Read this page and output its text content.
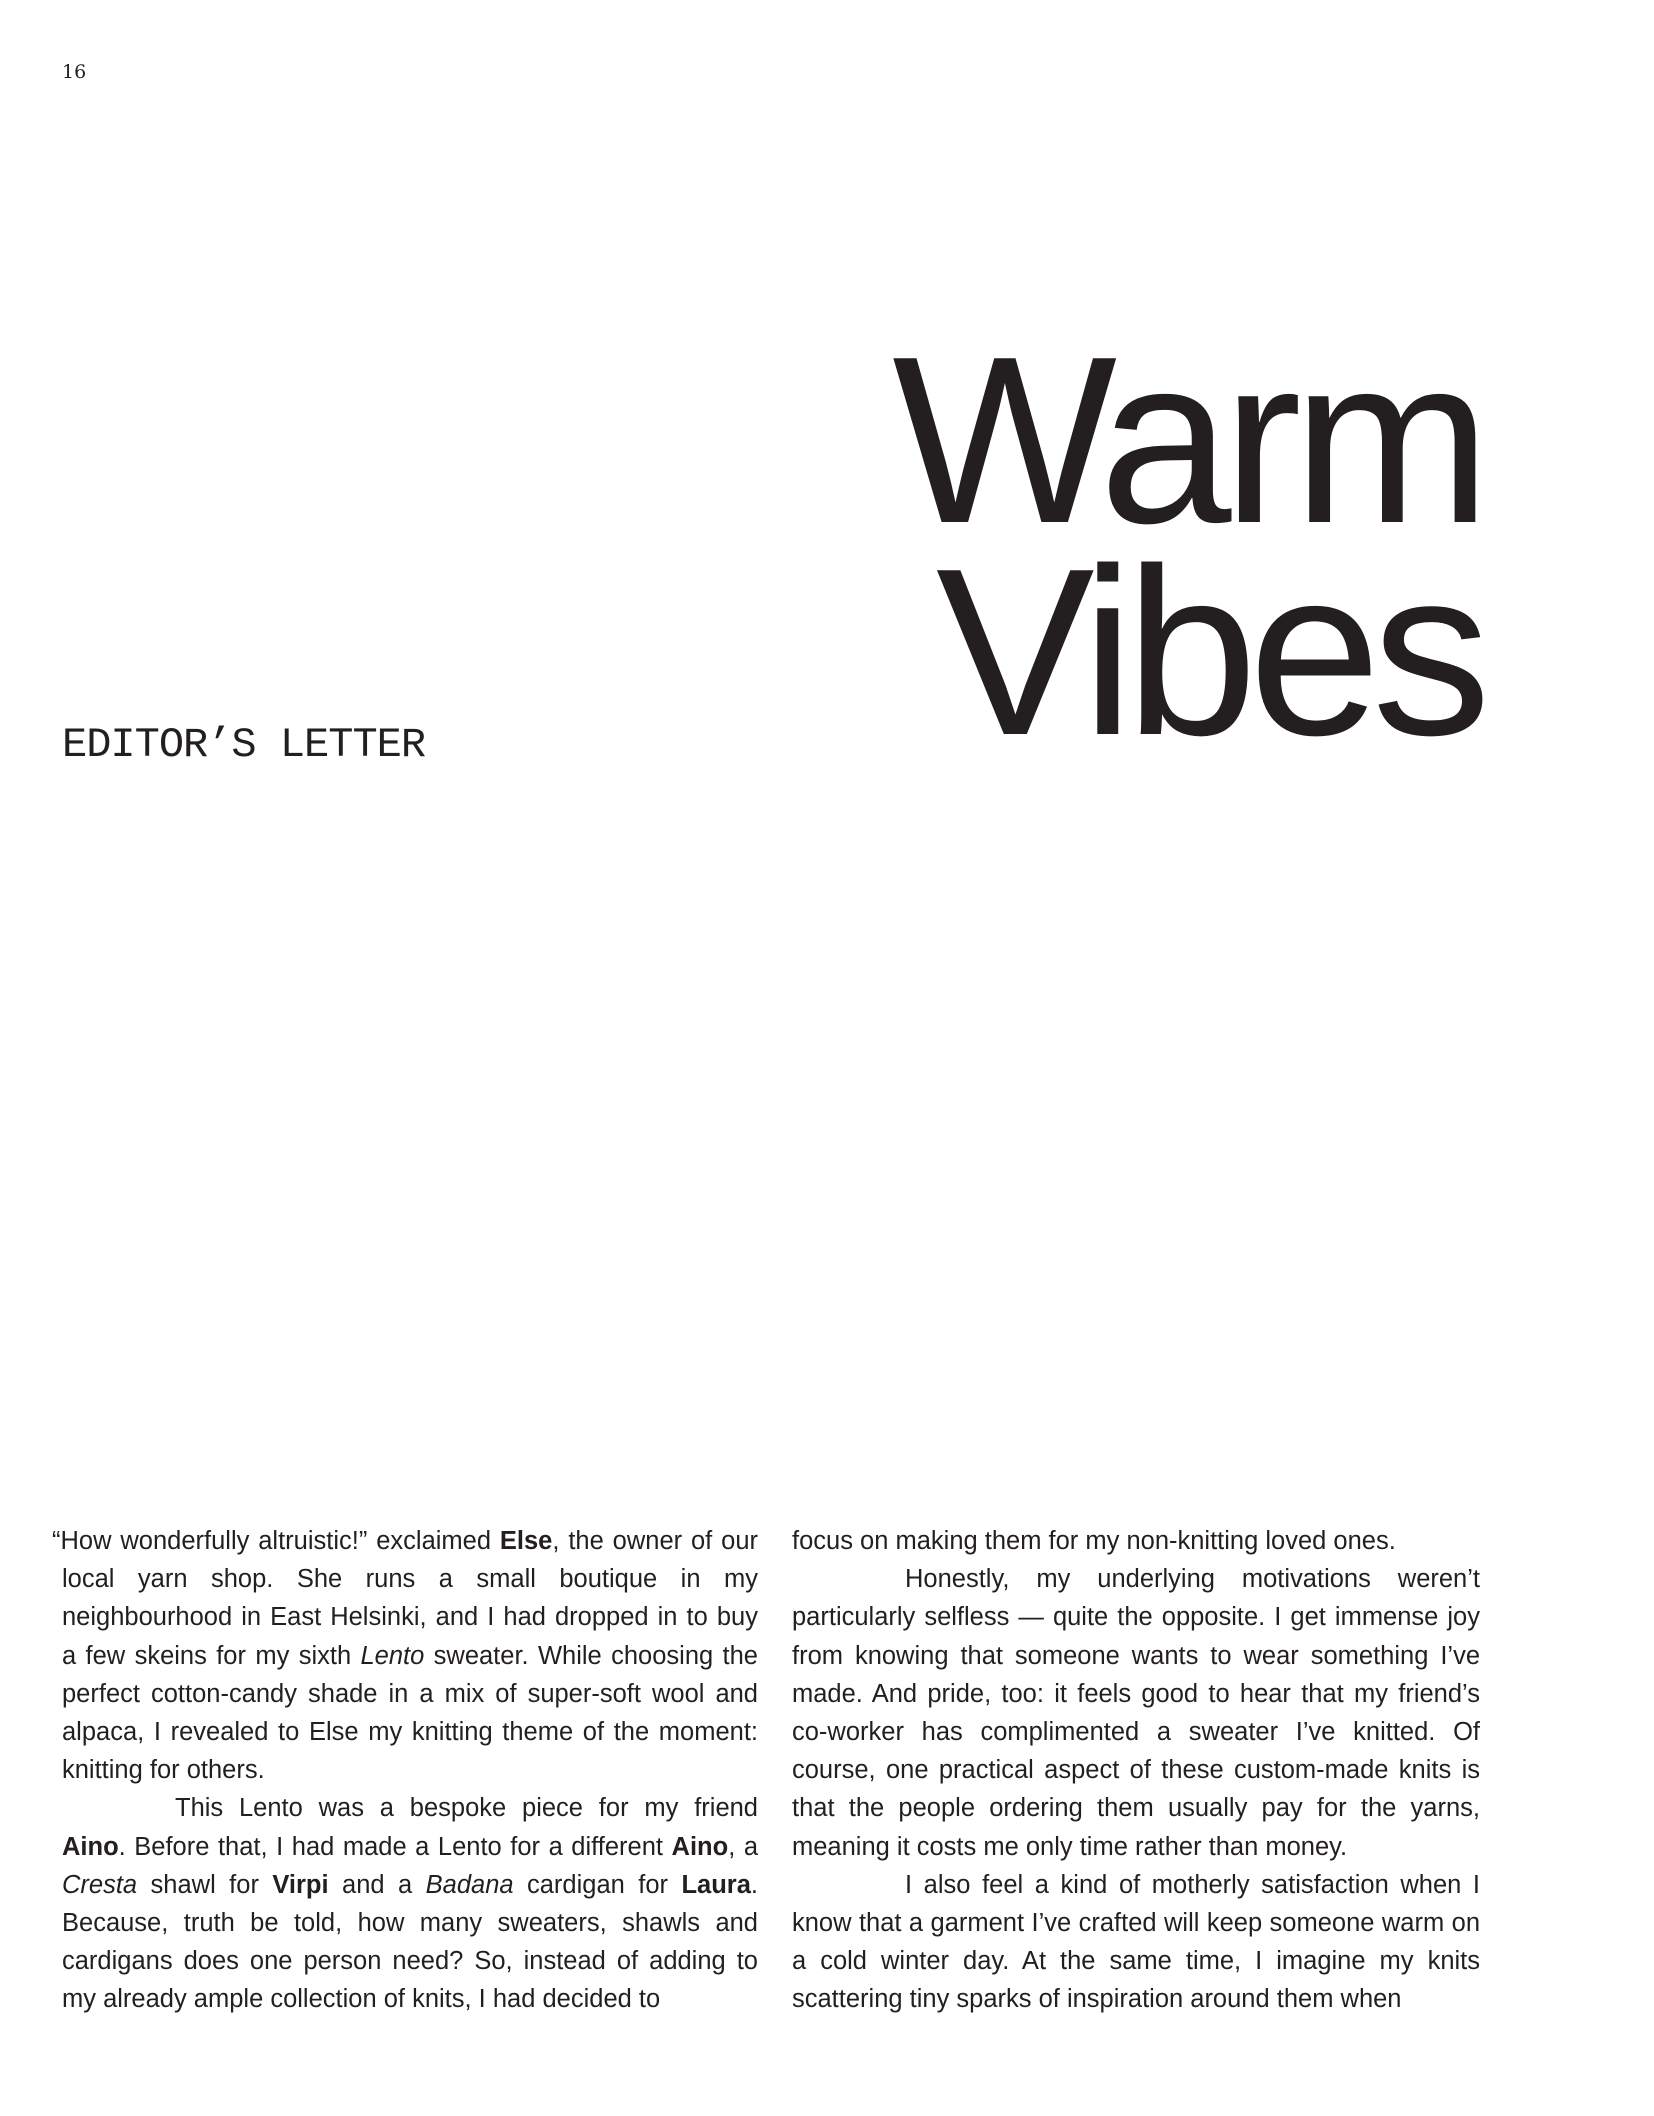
16
EDITOR’S LETTER
Warm
Vibes

“How wonderfully altruistic!” exclaimed Else, the owner of our local yarn shop. She runs a small boutique in my neighbourhood in East Helsinki, and I had dropped in to buy a few skeins for my sixth Lento sweater. While choosing the perfect cotton-candy shade in a mix of super-soft wool and alpaca, I revealed to Else my knitting theme of the moment: knitting for others.

This Lento was a bespoke piece for my friend Aino. Before that, I had made a Lento for a different Aino, a Cresta shawl for Virpi and a Badana cardigan for Laura. Because, truth be told, how many sweaters, shawls and cardigans does one person need? So, instead of adding to my already ample collection of knits, I had decided to

focus on making them for my non-knitting loved ones.

Honestly, my underlying motivations weren’t particularly selfless — quite the opposite. I get immense joy from knowing that someone wants to wear something I’ve made. And pride, too: it feels good to hear that my friend’s co-worker has complimented a sweater I’ve knitted. Of course, one practical aspect of these custom-made knits is that the people ordering them usually pay for the yarns, meaning it costs me only time rather than money.

I also feel a kind of motherly satisfaction when I know that a garment I’ve crafted will keep someone warm on a cold winter day. At the same time, I imagine my knits scattering tiny sparks of inspiration around them when
